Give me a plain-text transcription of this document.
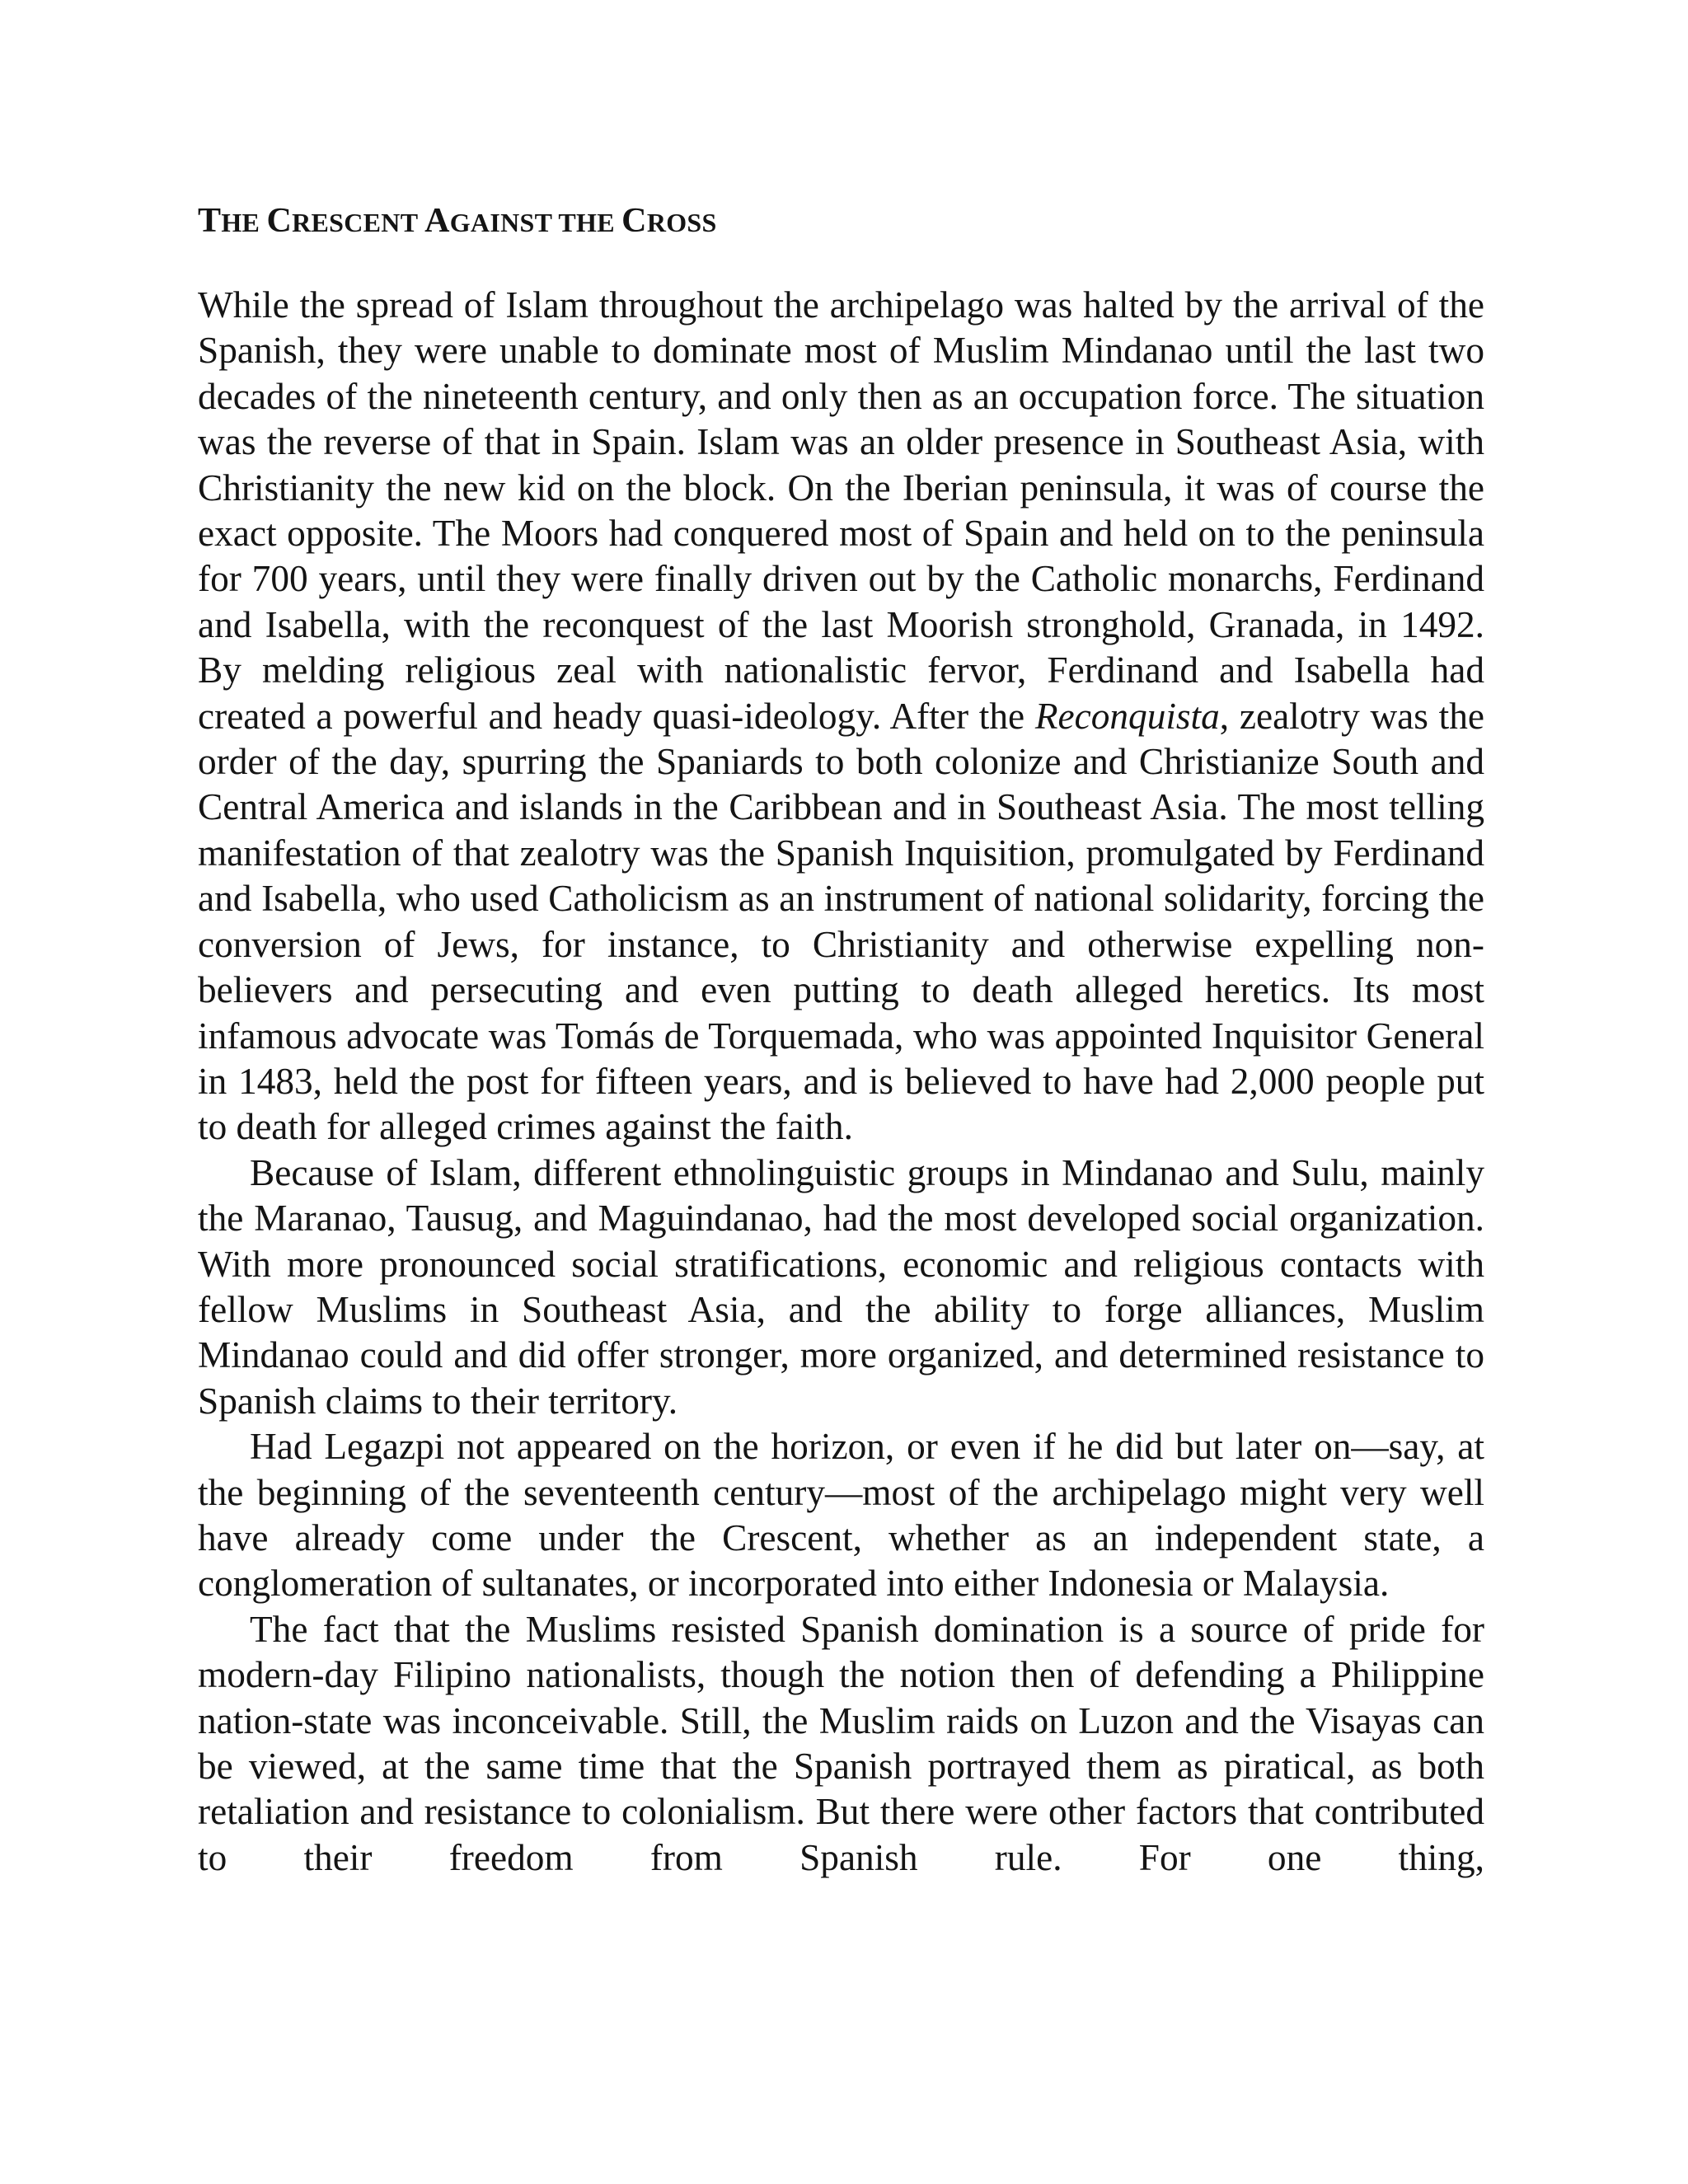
THE CRESCENT AGAINST THE CROSS

While the spread of Islam throughout the archipelago was halted by the arrival of the Spanish, they were unable to dominate most of Muslim Mindanao until the last two decades of the nineteenth century, and only then as an occupation force. The situation was the reverse of that in Spain. Islam was an older presence in Southeast Asia, with Christianity the new kid on the block. On the Iberian peninsula, it was of course the exact opposite. The Moors had conquered most of Spain and held on to the peninsula for 700 years, until they were finally driven out by the Catholic monarchs, Ferdinand and Isabella, with the reconquest of the last Moorish stronghold, Granada, in 1492. By melding religious zeal with nationalistic fervor, Ferdinand and Isabella had created a powerful and heady quasi-ideology. After the Reconquista, zealotry was the order of the day, spurring the Spaniards to both colonize and Christianize South and Central America and islands in the Caribbean and in Southeast Asia. The most telling manifestation of that zealotry was the Spanish Inquisition, promulgated by Ferdinand and Isabella, who used Catholicism as an instrument of national solidarity, forcing the conversion of Jews, for instance, to Christianity and otherwise expelling non-believers and persecuting and even putting to death alleged heretics. Its most infamous advocate was Tomás de Torquemada, who was appointed Inquisitor General in 1483, held the post for fifteen years, and is believed to have had 2,000 people put to death for alleged crimes against the faith.

Because of Islam, different ethnolinguistic groups in Mindanao and Sulu, mainly the Maranao, Tausug, and Maguindanao, had the most developed social organization. With more pronounced social stratifications, economic and religious contacts with fellow Muslims in Southeast Asia, and the ability to forge alliances, Muslim Mindanao could and did offer stronger, more organized, and determined resistance to Spanish claims to their territory.

Had Legazpi not appeared on the horizon, or even if he did but later on—say, at the beginning of the seventeenth century—most of the archipelago might very well have already come under the Crescent, whether as an independent state, a conglomeration of sultanates, or incorporated into either Indonesia or Malaysia.

The fact that the Muslims resisted Spanish domination is a source of pride for modern-day Filipino nationalists, though the notion then of defending a Philippine nation-state was inconceivable. Still, the Muslim raids on Luzon and the Visayas can be viewed, at the same time that the Spanish portrayed them as piratical, as both retaliation and resistance to colonialism. But there were other factors that contributed to their freedom from Spanish rule. For one thing,
